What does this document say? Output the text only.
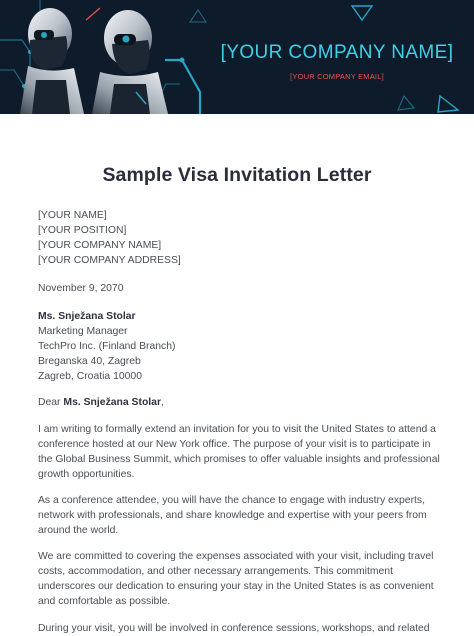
[YOUR COMPANY NAME]
[YOUR COMPANY EMAIL]
Sample Visa Invitation Letter
[YOUR NAME]
[YOUR POSITION]
[YOUR COMPANY NAME]
[YOUR COMPANY ADDRESS]
November 9, 2070
Ms. Snježana Stolar
Marketing Manager
TechPro Inc. (Finland Branch)
Breganska 40, Zagreb
Zagreb, Croatia 10000
Dear Ms. Snježana Stolar,
I am writing to formally extend an invitation for you to visit the United States to attend a
conference hosted at our New York office. The purpose of your visit is to participate in
the Global Business Summit, which promises to offer valuable insights and professional
growth opportunities.
As a conference attendee, you will have the chance to engage with industry experts,
network with professionals, and share knowledge and expertise with your peers from
around the world.
We are committed to covering the expenses associated with your visit, including travel
costs, accommodation, and other necessary arrangements. This commitment
underscores our dedication to ensuring your stay in the United States is as convenient
and comfortable as possible.
During your visit, you will be involved in conference sessions, workshops, and related
